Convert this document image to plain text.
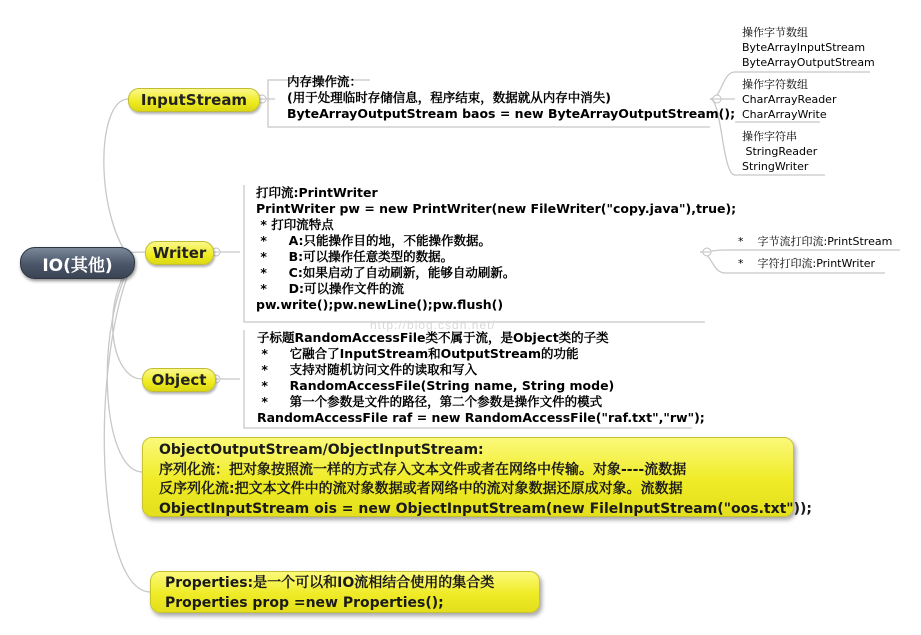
IO(其他)
InputStream
Writer
Object
内存操作流：
(用于处理临时存储信息，程序结束，数据就从内存中消失)
ByteArrayOutputStream baos = new ByteArrayOutputStream();
操作字节数组
ByteArrayInputStream
ByteArrayOutputStream
操作字符数组
CharArrayReader
CharArrayWrite
操作字符串
StringReader
StringWriter
打印流:PrintWriter
PrintWriter pw = new PrintWriter(new FileWriter("copy.java"),true);
* 打印流特点
*     A:只能操作目的地，不能操作数据。
*     B:可以操作任意类型的数据。
*     C:如果启动了自动刷新，能够自动刷新。
*     D:可以操作文件的流
pw.write();pw.newLine();pw.flush()
*    字节流打印流:PrintStream
*    字符打印流:PrintWriter
http://blog.csdn.net/
子标题RandomAccessFile类不属于流，是Object类的子类
*     它融合了InputStream和OutputStream的功能
*     支持对随机访问文件的读取和写入
*     RandomAccessFile(String name, String mode)
*     第一个参数是文件的路径，第二个参数是操作文件的模式
RandomAccessFile raf = new RandomAccessFile("raf.txt","rw");
ObjectOutputStream/ObjectInputStream:
序列化流：把对象按照流一样的方式存入文本文件或者在网络中传输。对象----流数据
反序列化流:把文本文件中的流对象数据或者网络中的流对象数据还原成对象。流数据
ObjectInputStream ois = new ObjectInputStream(new FileInputStream("oos.txt"));
Properties:是一个可以和IO流相结合使用的集合类
Properties prop =new Properties();
